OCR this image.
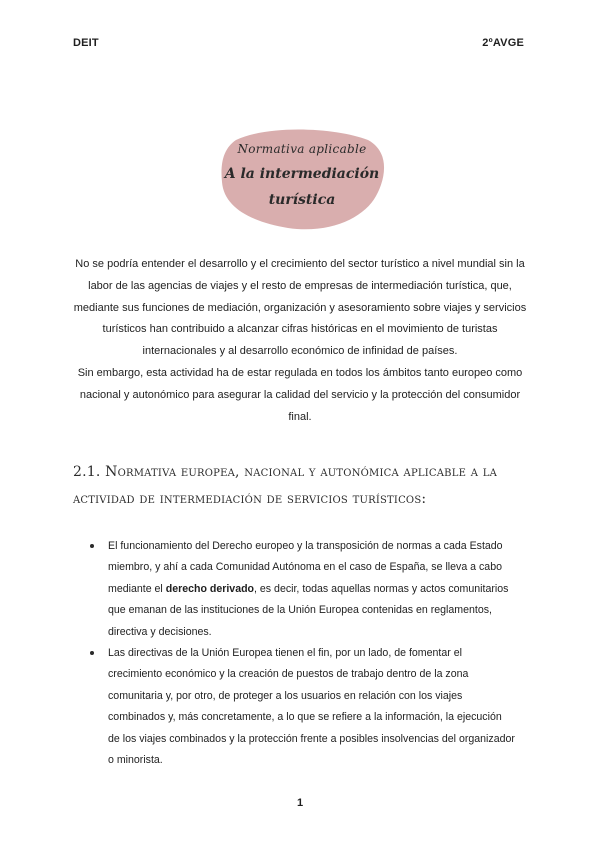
DEIT	2ºAVGE
Normativa aplicable
A la intermediación
turística

No se podría entender el desarrollo y el crecimiento del sector turístico a nivel mundial sin la labor de las agencias de viajes y el resto de empresas de intermediación turística, que, mediante sus funciones de mediación, organización y asesoramiento sobre viajes y servicios turísticos han contribuido a alcanzar cifras históricas en el movimiento de turistas internacionales y al desarrollo económico de infinidad de países.

Sin embargo, esta actividad ha de estar regulada en todos los ámbitos tanto europeo como nacional y autonómico para asegurar la calidad del servicio y la protección del consumidor final.

2.1. Normativa europea, nacional y autonómica aplicable a la actividad de intermediación de servicios turísticos:
El funcionamiento del Derecho europeo y la transposición de normas a cada Estado miembro, y ahí a cada Comunidad Autónoma en el caso de España, se lleva a cabo mediante el derecho derivado, es decir, todas aquellas normas y actos comunitarios que emanan de las instituciones de la Unión Europea contenidas en reglamentos, directiva y decisiones.
Las directivas de la Unión Europea tienen el fin, por un lado, de fomentar el crecimiento económico y la creación de puestos de trabajo dentro de la zona comunitaria y, por otro, de proteger a los usuarios en relación con los viajes combinados y, más concretamente, a lo que se refiere a la información, la ejecución de los viajes combinados y la protección frente a posibles insolvencias del organizador o minorista.
1
